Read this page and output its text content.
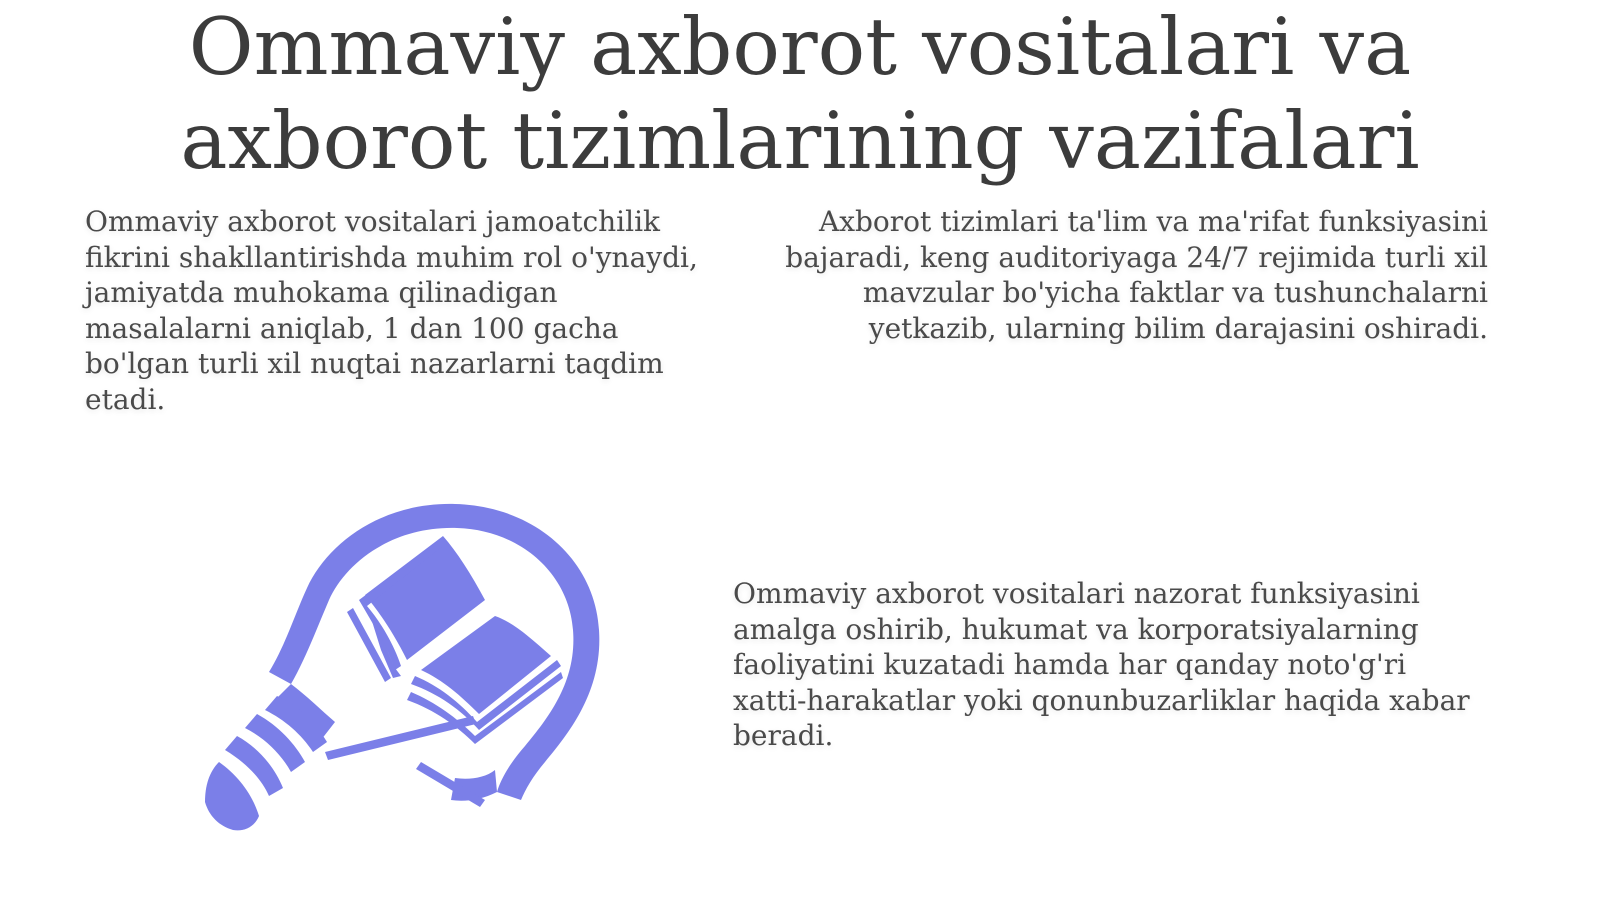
Ommaviy axborot vositalari va
axborot tizimlarining vazifalari

Ommaviy axborot vositalari jamoatchilik fikrini shakllantirishda muhim rol o'ynaydi, jamiyatda muhokama qilinadigan masalalarni aniqlab, 1 dan 100 gacha bo'lgan turli xil nuqtai nazarlarni taqdim etadi.

Axborot tizimlari ta'lim va ma'rifat funksiyasini bajaradi, keng auditoriyaga 24/7 rejimida turli xil mavzular bo'yicha faktlar va tushunchalarni yetkazib, ularning bilim darajasini oshiradi.

Ommaviy axborot vositalari nazorat funksiyasini amalga oshirib, hukumat va korporatsiyalarning faoliyatini kuzatadi hamda har qanday noto'g'ri xatti-harakatlar yoki qonunbuzarliklar haqida xabar beradi.
